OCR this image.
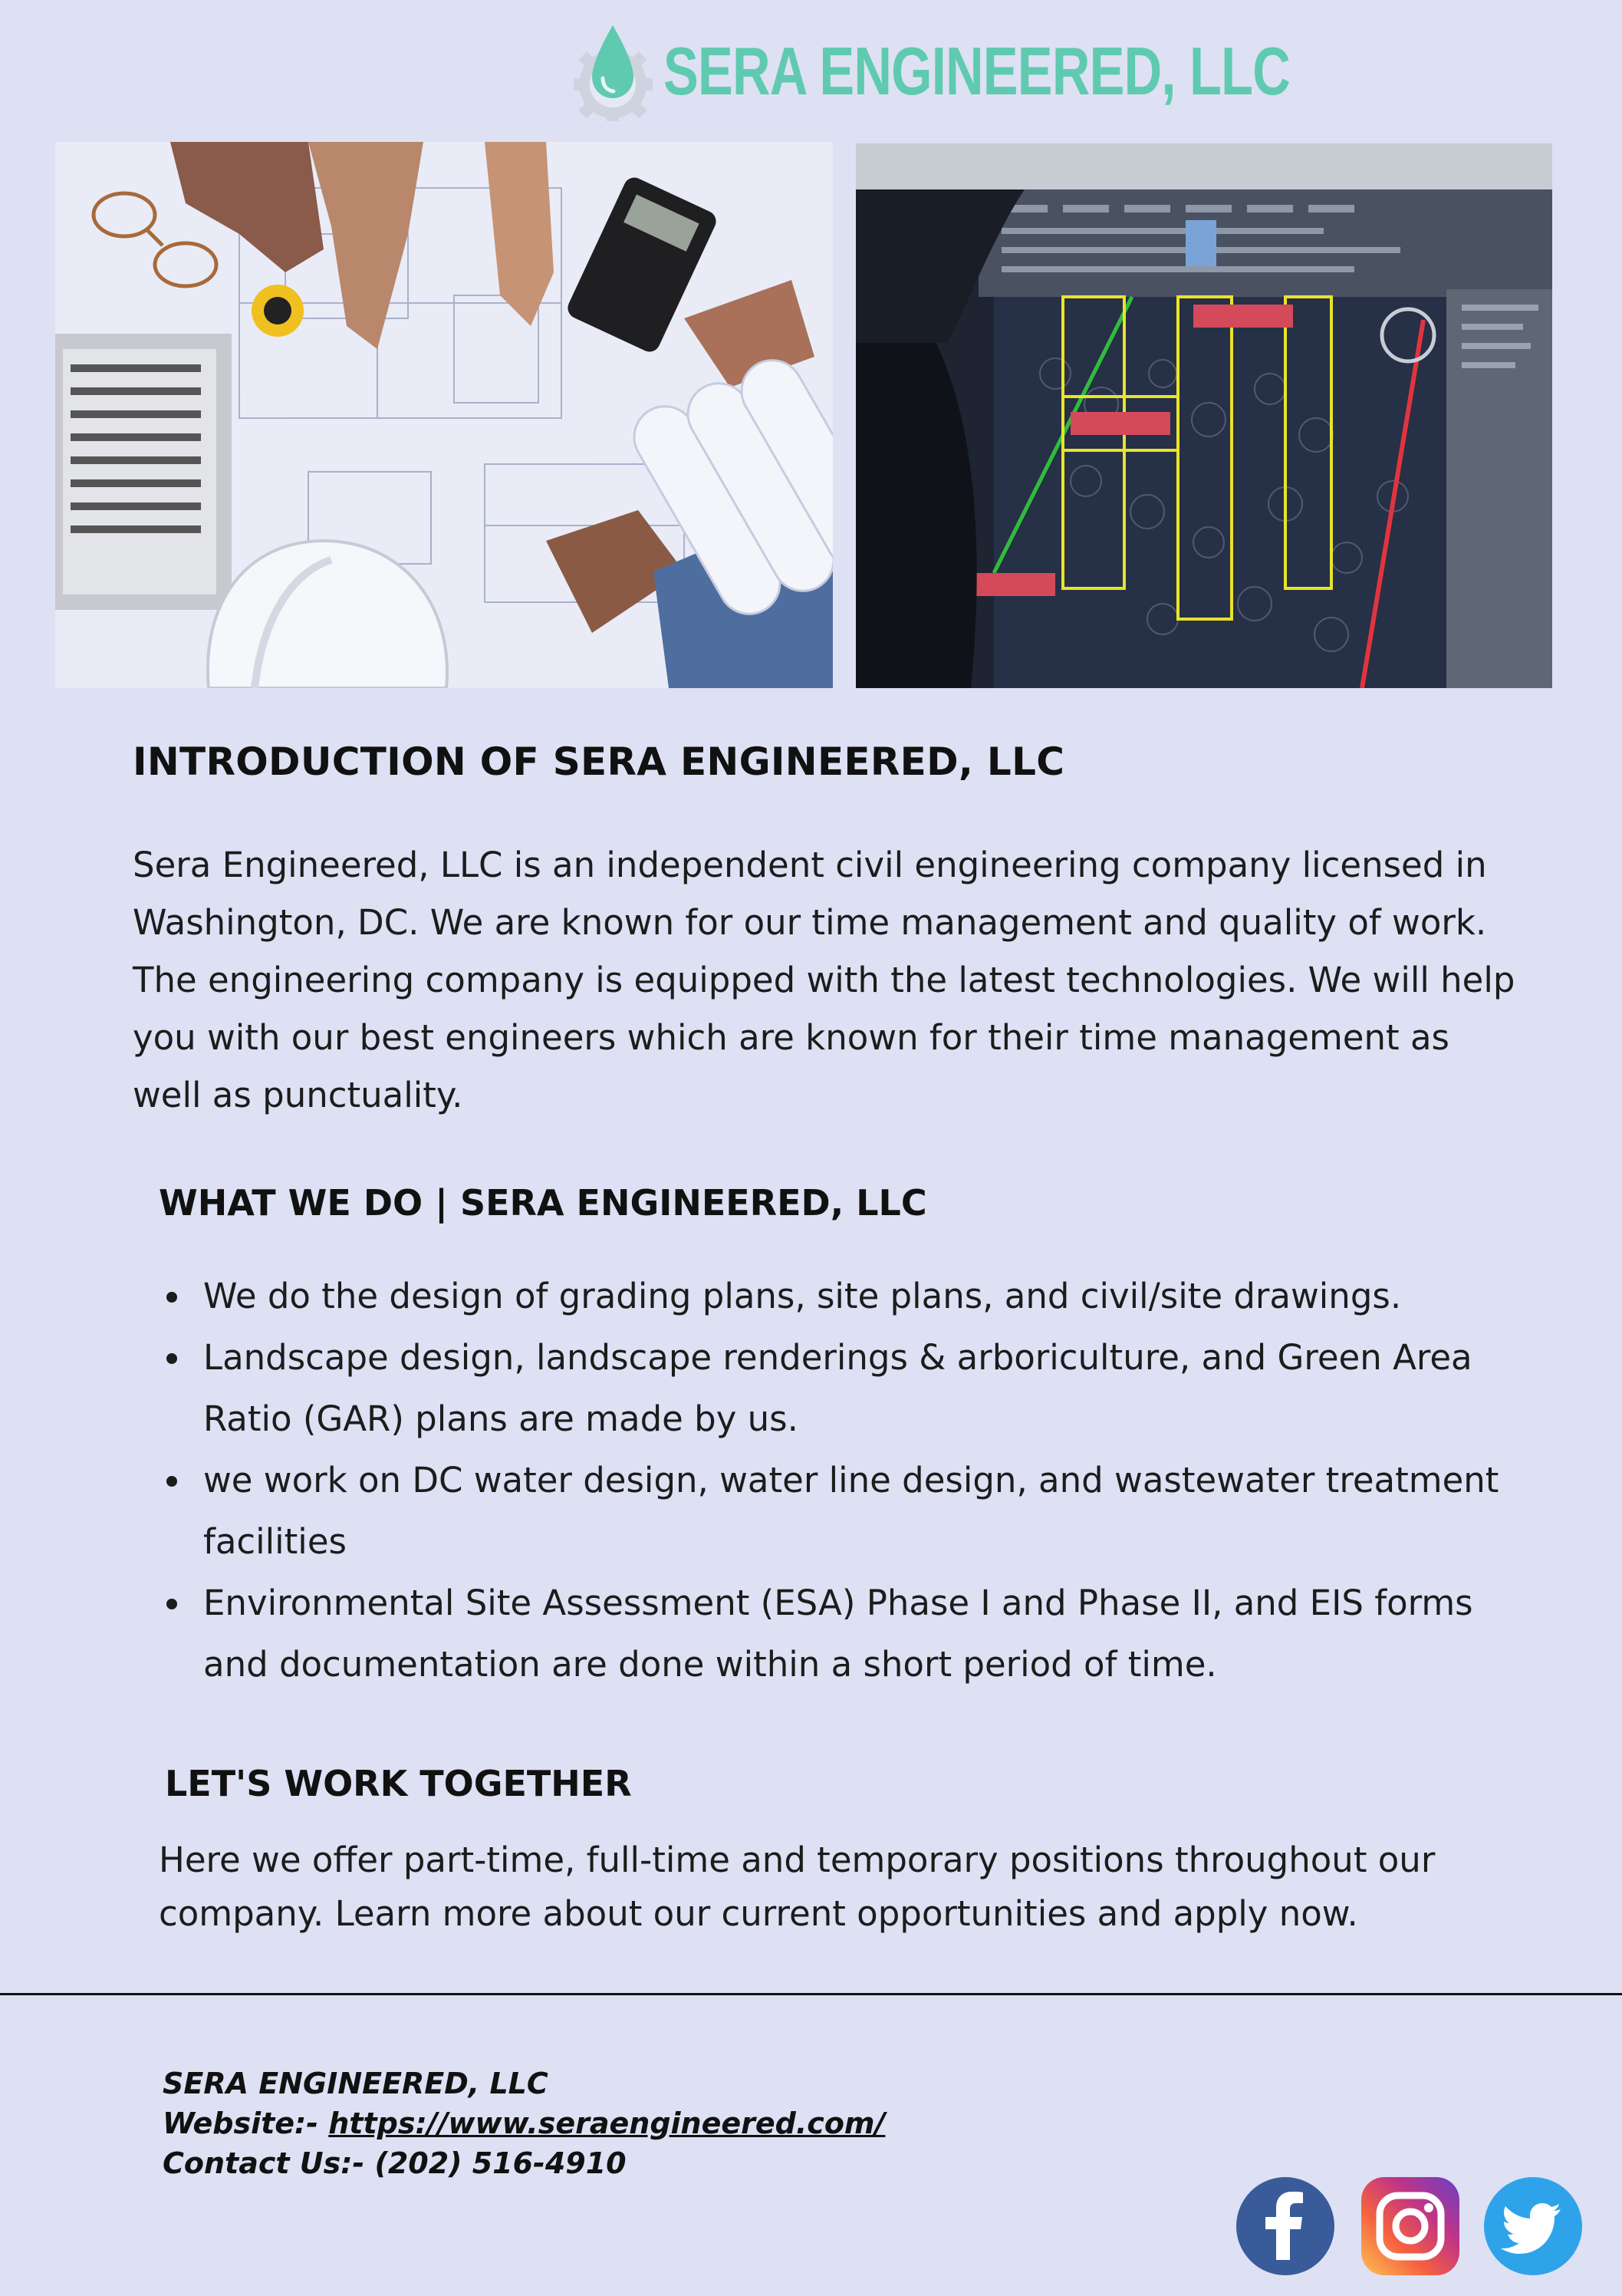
SERA ENGINEERED, LLC
INTRODUCTION OF SERA ENGINEERED, LLC
Sera Engineered, LLC is an independent civil engineering company licensed in Washington, DC. We are known for our time management and quality of work. The engineering company is equipped with the latest technologies. We will help you with our best engineers which are known for their time management as well as punctuality.
WHAT WE DO | SERA ENGINEERED, LLC
We do the design of grading plans, site plans, and civil/site drawings.
Landscape design, landscape renderings & arboriculture, and Green Area Ratio (GAR) plans are made by us.
we work on DC water design, water line design, and wastewater treatment facilities
Environmental Site Assessment (ESA) Phase I and Phase II, and EIS forms and documentation are done within a short period of time.
LET'S WORK TOGETHER
Here we offer part-time, full-time and temporary positions throughout our company. Learn more about our current opportunities and apply now.
SERA ENGINEERED, LLC
Website:- https://www.seraengineered.com/
Contact Us:- (202) 516-4910
